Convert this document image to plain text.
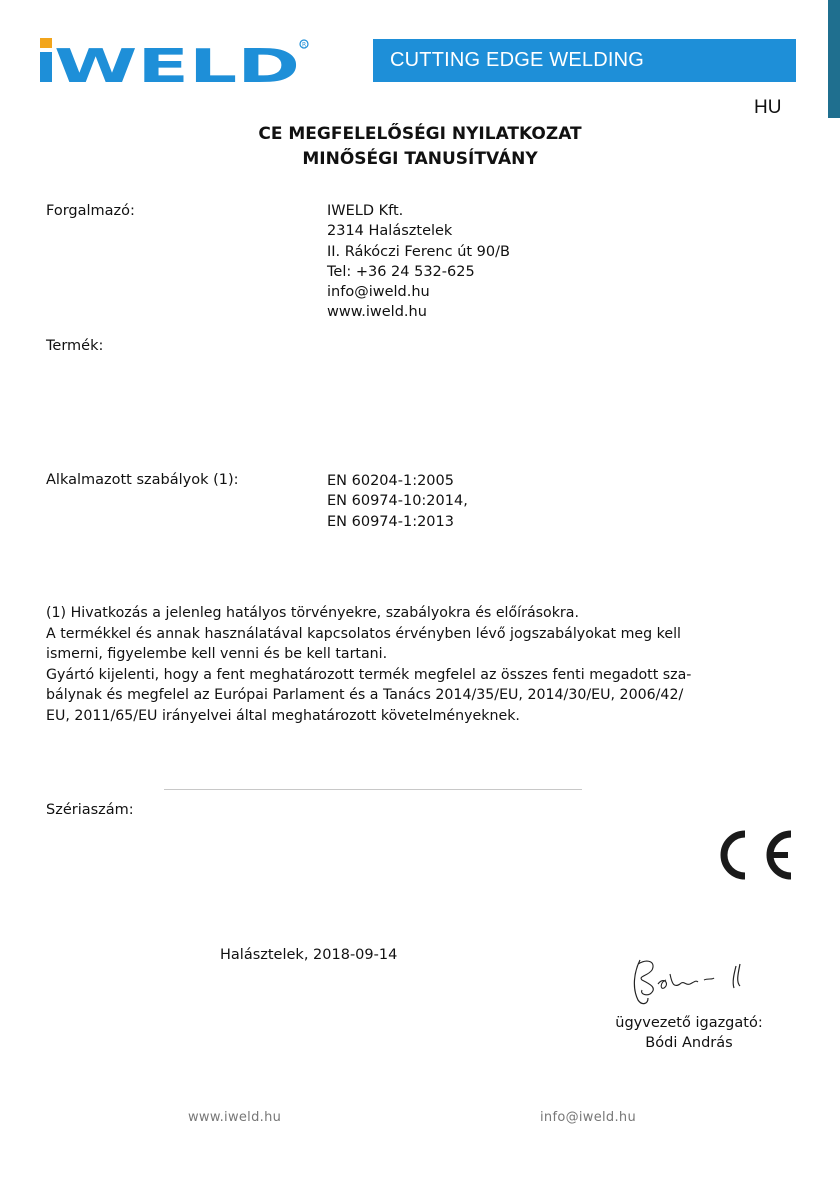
WELD R
CUTTING EDGE WELDING
HU
CE MEGFELELŐSÉGI NYILATKOZAT
MINŐSÉGI TANUSÍTVÁNY
Forgalmazó:	IWELD Kft.
2314 Halásztelek
II. Rákóczi Ferenc út 90/B
Tel: +36 24 532-625
info@iweld.hu
www.iweld.hu
Termék:
Alkalmazott szabályok (1):	EN 60204-1:2005
EN 60974-10:2014,
EN 60974-1:2013
(1) Hivatkozás a jelenleg hatályos törvényekre, szabályokra és előírásokra.
A termékkel és annak használatával kapcsolatos érvényben lévő jogszabályokat meg kell
ismerni, figyelembe kell venni és be kell tartani.
Gyártó kijelenti, hogy a fent meghatározott termék megfelel az összes fenti megadott sza-
bálynak és megfelel az Európai Parlament és a Tanács 2014/35/EU, 2014/30/EU, 2006/42/
EU, 2011/65/EU irányelvei által meghatározott követelményeknek.
Szériaszám:
Halásztelek, 2018-09-14
ügyvezető igazgató:
Bódi András
www.iweld.hu	info@iweld.hu
